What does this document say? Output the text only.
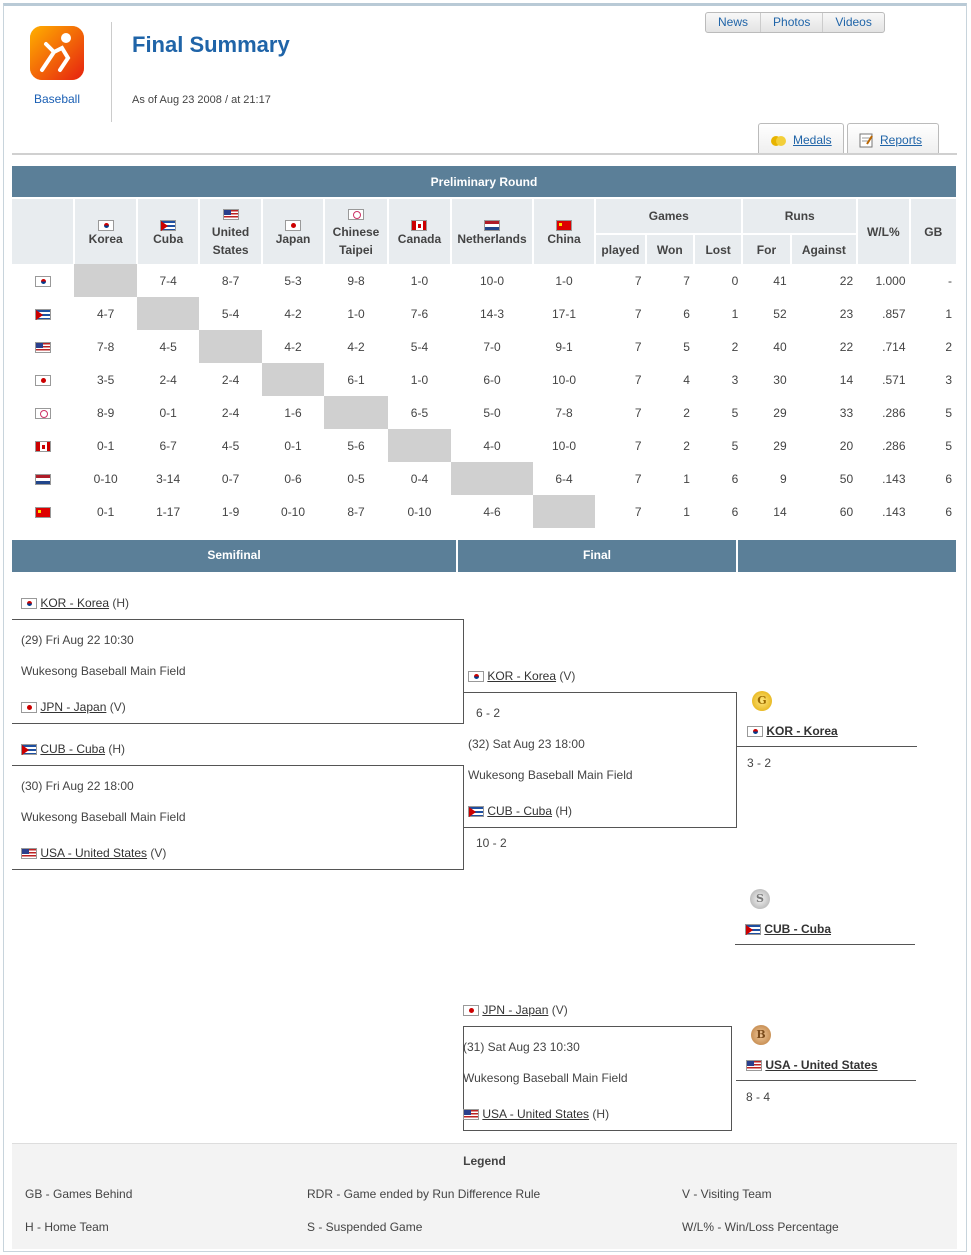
Baseball
Final Summary
As of Aug 23 2008 / at 21:17
News	Photos	Videos
Medals	Reports
Preliminary Round															

Korea	Cuba	United States	Japan	Chinese Taipei	Canada	Netherlands	China	Games			Runs		W/L%	GB
									played	Won	Lost	For	Against		
		7-4	8-7	5-3	9-8	1-0	10-0	1-0	7	7	0	41	22	1.000	-
	4-7		5-4	4-2	1-0	7-6	14-3	17-1	7	6	1	52	23	.857	1
	7-8	4-5		4-2	4-2	5-4	7-0	9-1	7	5	2	40	22	.714	2
	3-5	2-4	2-4		6-1	1-0	6-0	10-0	7	4	3	30	14	.571	3
	8-9	0-1	2-4	1-6		6-5	5-0	7-8	7	2	5	29	33	.286	5
	0-1	6-7	4-5	0-1	5-6		4-0	10-0	7	2	5	29	20	.286	5
	0-10	3-14	0-7	0-6	0-5	0-4		6-4	7	1	6	9	50	.143	6
	0-1	1-17	1-9	0-10	8-7	0-10	4-6		7	1	6	14	60	.143	6
Semifinal	Final
KOR - Korea (H)
(29) Fri Aug 22 10:30
Wukesong Baseball Main Field
JPN - Japan (V)
CUB - Cuba (H)
(30) Fri Aug 22 18:00
Wukesong Baseball Main Field
USA - United States (V)
KOR - Korea (V)
6 - 2
(32) Sat Aug 23 18:00
Wukesong Baseball Main Field
CUB - Cuba (H)
10 - 2
G
KOR - Korea
3 - 2
S
CUB - Cuba
JPN - Japan (V)
(31) Sat Aug 23 10:30
Wukesong Baseball Main Field
USA - United States (H)
B
USA - United States
8 - 4
Legend
GB - Games Behind	RDR - Game ended by Run Difference Rule	V - Visiting Team
H - Home Team	S - Suspended Game	W/L% - Win/Loss Percentage
